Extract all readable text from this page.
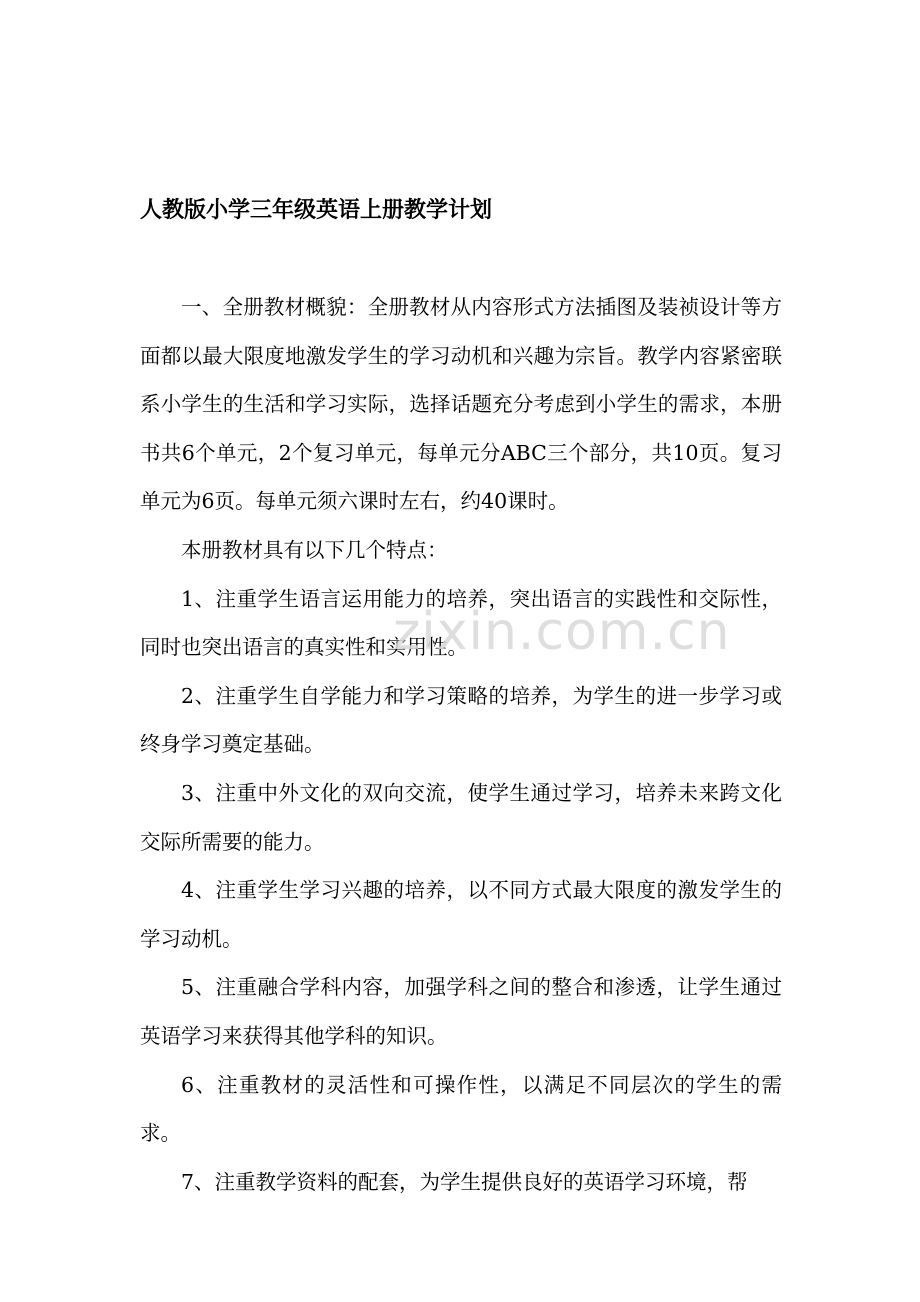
人教版小学三年级英语上册教学计划

一、全册教材概貌：全册教材从内容形式方法插图及装祯设计等方面都以最大限度地激发学生的学习动机和兴趣为宗旨。教学内容紧密联系小学生的生活和学习实际，选择话题充分考虑到小学生的需求，本册书共6个单元，2个复习单元，每单元分ABC三个部分，共10页。复习单元为6页。每单元须六课时左右，约40课时。

本册教材具有以下几个特点：

1、注重学生语言运用能力的培养，突出语言的实践性和交际性，同时也突出语言的真实性和实用性。

2、注重学生自学能力和学习策略的培养，为学生的进一步学习或终身学习奠定基础。

3、注重中外文化的双向交流，使学生通过学习，培养未来跨文化交际所需要的能力。

4、注重学生学习兴趣的培养，以不同方式最大限度的激发学生的学习动机。

5、注重融合学科内容，加强学科之间的整合和渗透，让学生通过英语学习来获得其他学科的知识。

6、注重教材的灵活性和可操作性，以满足不同层次的学生的需求。

7、注重教学资料的配套，为学生提供良好的英语学习环境，帮

zixin.com.cn
